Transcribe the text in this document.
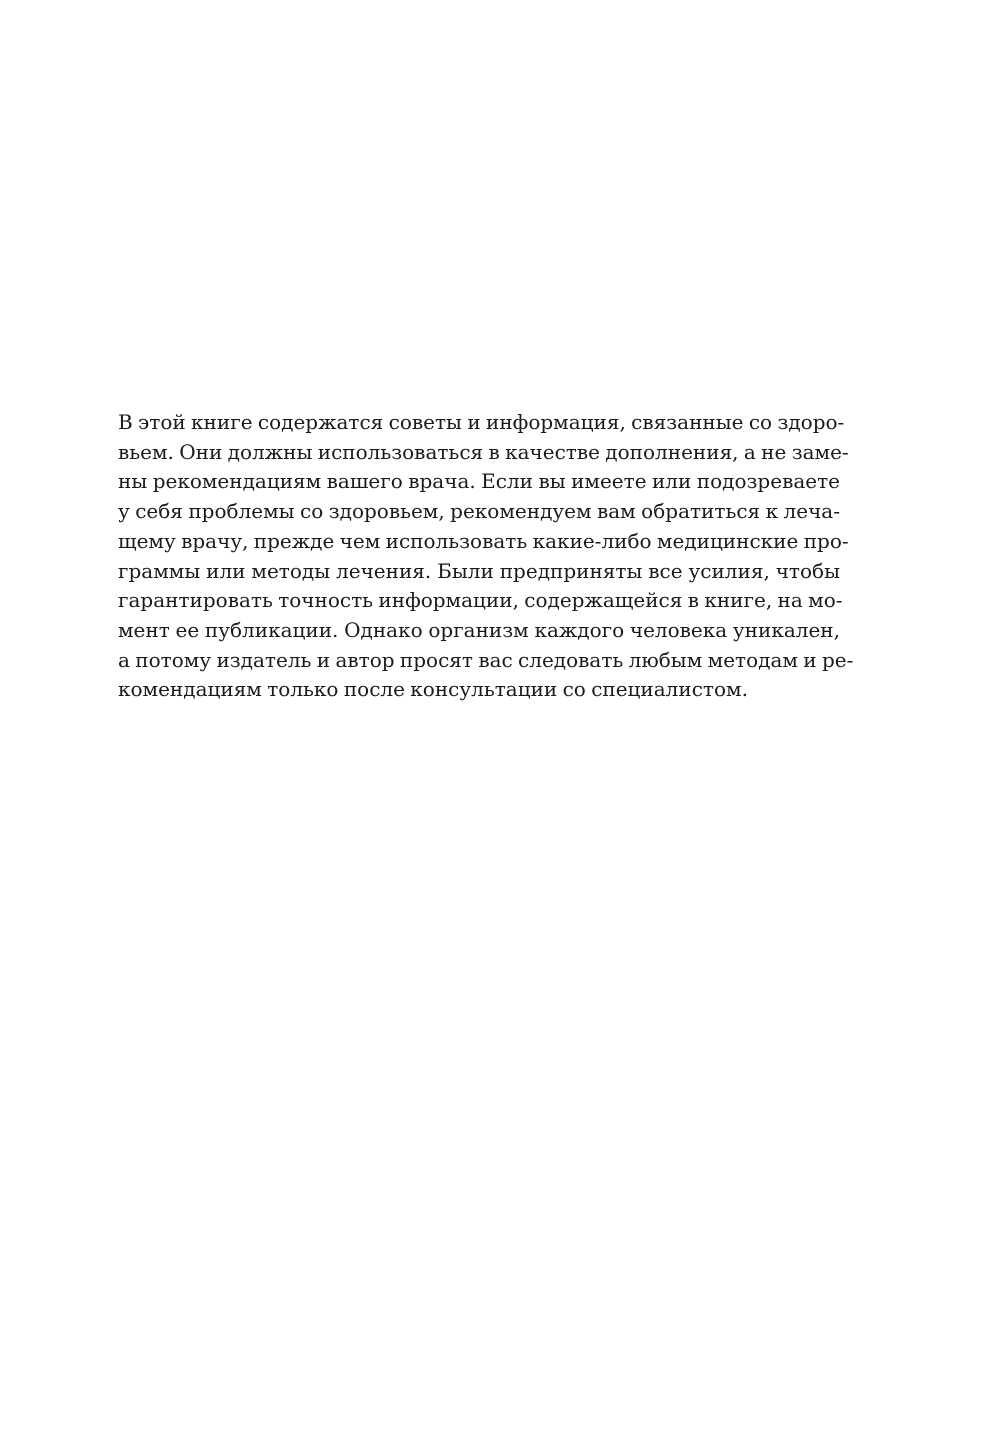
В этой книге содержатся советы и информация, связанные со здоро-
вьем. Они должны использоваться в качестве дополнения, а не заме-
ны рекомендациям вашего врача. Если вы имеете или подозреваете
у себя проблемы со здоровьем, рекомендуем вам обратиться к леча-
щему врачу, прежде чем использовать какие-либо медицинские про-
граммы или методы лечения. Были предприняты все усилия, чтобы
гарантировать точность информации, содержащейся в книге, на мо-
мент ее публикации. Однако организм каждого человека уникален,
а потому издатель и автор просят вас следовать любым методам и ре-
комендациям только после консультации со специалистом.
